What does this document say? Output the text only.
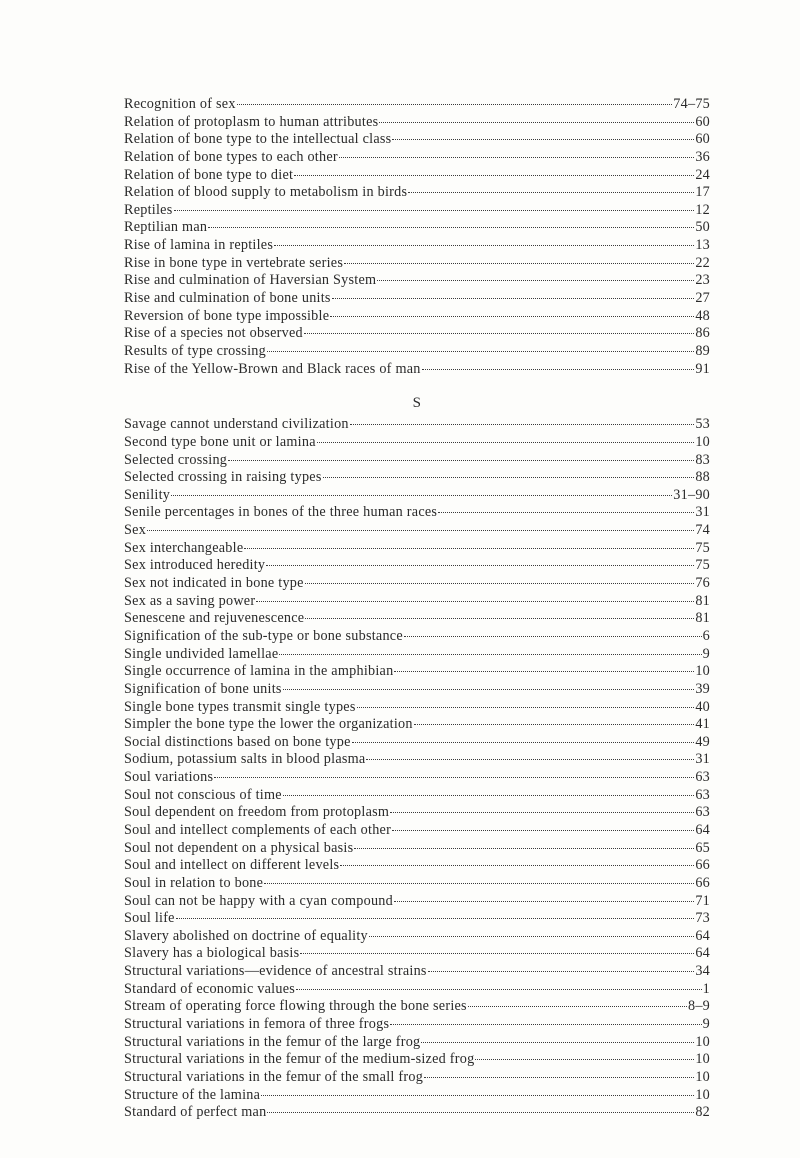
Recognition of sex	74–75
Relation of protoplasm to human attributes	60
Relation of bone type to the intellectual class	60
Relation of bone types to each other	36
Relation of bone type to diet	24
Relation of blood supply to metabolism in birds	17
Reptiles	12
Reptilian man	50
Rise of lamina in reptiles	13
Rise in bone type in vertebrate series	22
Rise and culmination of Haversian System	23
Rise and culmination of bone units	27
Reversion of bone type impossible	48
Rise of a species not observed	86
Results of type crossing	89
Rise of the Yellow-Brown and Black races of man	91
S
Savage cannot understand civilization	53
Second type bone unit or lamina	10
Selected crossing	83
Selected crossing in raising types	88
Senility	31–90
Senile percentages in bones of the three human races	31
Sex	74
Sex interchangeable	75
Sex introduced heredity	75
Sex not indicated in bone type	76
Sex as a saving power	81
Senescene and rejuvenescence	81
Signification of the sub-type or bone substance	6
Single undivided lamellae	9
Single occurrence of lamina in the amphibian	10
Signification of bone units	39
Single bone types transmit single types	40
Simpler the bone type the lower the organization	41
Social distinctions based on bone type	49
Sodium, potassium salts in blood plasma	31
Soul variations	63
Soul not conscious of time	63
Soul dependent on freedom from protoplasm	63
Soul and intellect complements of each other	64
Soul not dependent on a physical basis	65
Soul and intellect on different levels	66
Soul in relation to bone	66
Soul can not be happy with a cyan compound	71
Soul life	73
Slavery abolished on doctrine of equality	64
Slavery has a biological basis	64
Structural variations—evidence of ancestral strains	34
Standard of economic values	1
Stream of operating force flowing through the bone series	8–9
Structural variations in femora of three frogs	9
Structural variations in the femur of the large frog	10
Structural variations in the femur of the medium-sized frog	10
Structural variations in the femur of the small frog	10
Structure of the lamina	10
Standard of perfect man	82
